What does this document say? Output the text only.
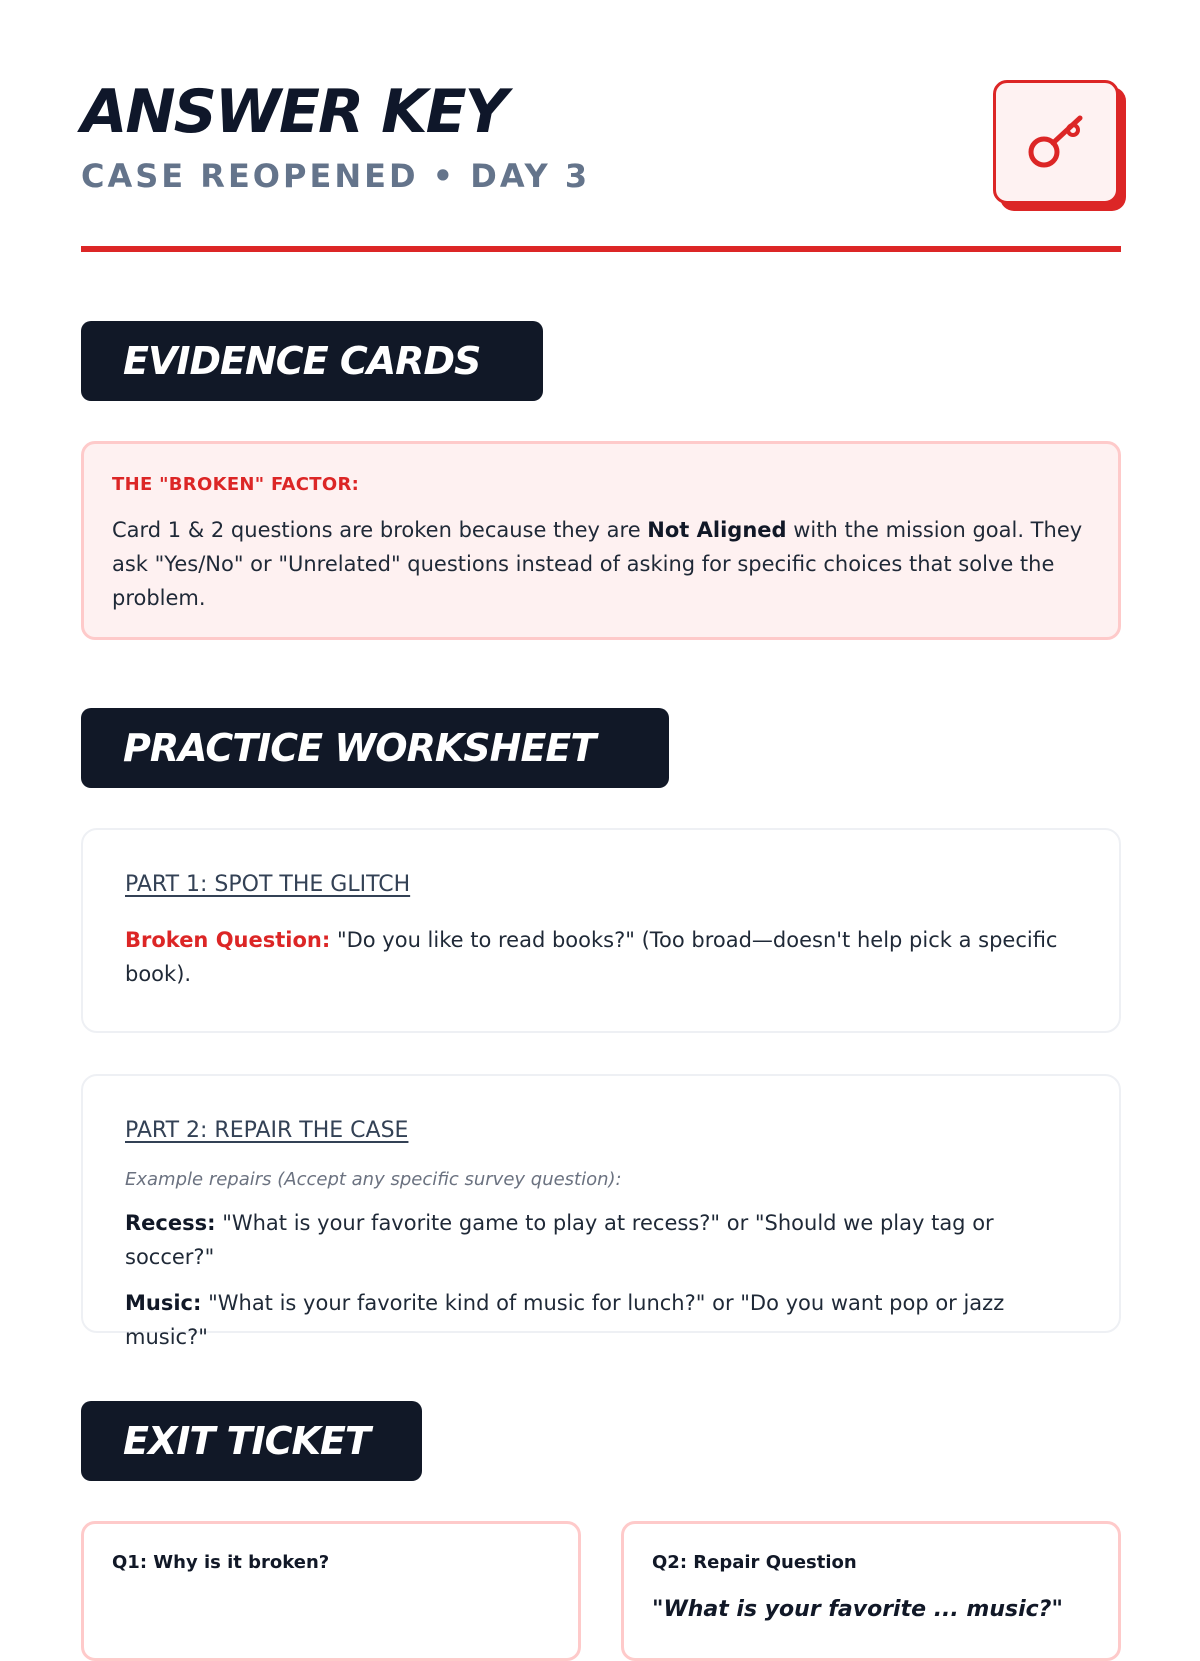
ANSWER KEY
CASE REOPENED • DAY 3
EVIDENCE CARDS
THE "BROKEN" FACTOR:
Card 1 & 2 questions are broken because they are Not Aligned with the mission goal. They ask "Yes/No" or "Unrelated" questions instead of asking for specific choices that solve the problem.
PRACTICE WORKSHEET
PART 1: SPOT THE GLITCH
Broken Question: "Do you like to read books?" (Too broad—doesn't help pick a specific book).
PART 2: REPAIR THE CASE
Example repairs (Accept any specific survey question):
Recess: "What is your favorite game to play at recess?" or "Should we play tag or soccer?"
Music: "What is your favorite kind of music for lunch?" or "Do you want pop or jazz music?"
EXIT TICKET
Q1: Why is it broken?	Q2: Repair Question
"What is your favorite ... music?"
